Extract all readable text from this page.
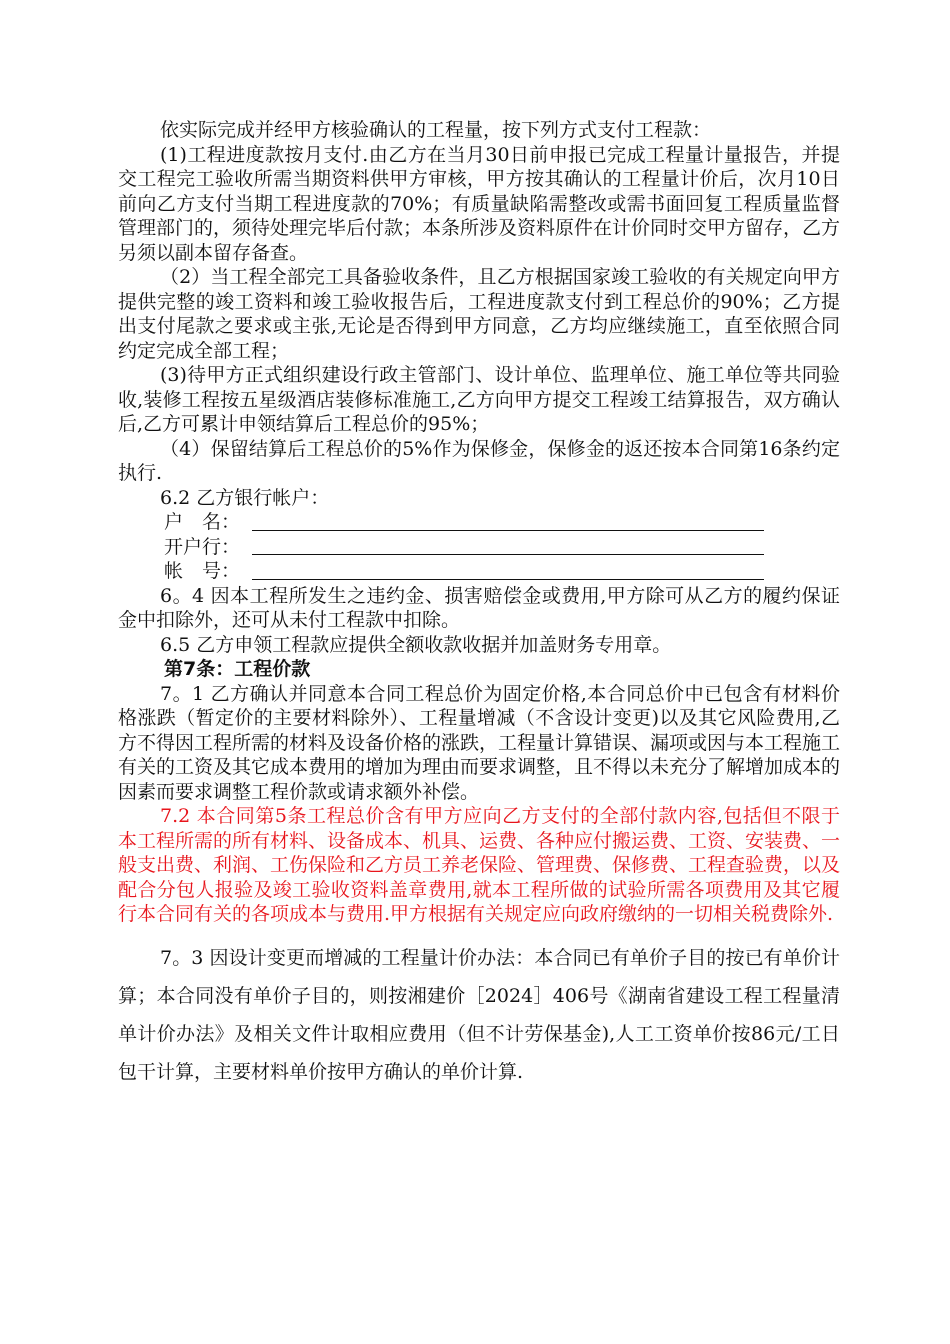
依实际完成并经甲方核验确认的工程量，按下列方式支付工程款：

(1)工程进度款按月支付.由乙方在当月30日前申报已完成工程量计量报告，并提交工程完工验收所需当期资料供甲方审核，甲方按其确认的工程量计价后，次月10日前向乙方支付当期工程进度款的70%；有质量缺陷需整改或需书面回复工程质量监督管理部门的，须待处理完毕后付款；本条所涉及资料原件在计价同时交甲方留存，乙方另须以副本留存备查。

（2）当工程全部完工具备验收条件，且乙方根据国家竣工验收的有关规定向甲方提供完整的竣工资料和竣工验收报告后，工程进度款支付到工程总价的90%；乙方提出支付尾款之要求或主张,无论是否得到甲方同意，乙方均应继续施工，直至依照合同约定完成全部工程；

(3)待甲方正式组织建设行政主管部门、设计单位、监理单位、施工单位等共同验收,装修工程按五星级酒店装修标准施工,乙方向甲方提交工程竣工结算报告，双方确认后,乙方可累计申领结算后工程总价的95%；

（4）保留结算后工程总价的5%作为保修金，保修金的返还按本合同第16条约定执行.

6.2 乙方银行帐户：

户　名：
开户行：
帐　号：

6。4 因本工程所发生之违约金、损害赔偿金或费用,甲方除可从乙方的履约保证金中扣除外，还可从未付工程款中扣除。

6.5 乙方申领工程款应提供全额收款收据并加盖财务专用章。

第7条：工程价款

7。1 乙方确认并同意本合同工程总价为固定价格,本合同总价中已包含有材料价格涨跌（暂定价的主要材料除外）、工程量增减（不含设计变更)以及其它风险费用,乙方不得因工程所需的材料及设备价格的涨跌，工程量计算错误、漏项或因与本工程施工有关的工资及其它成本费用的增加为理由而要求调整，且不得以未充分了解增加成本的因素而要求调整工程价款或请求额外补偿。

7.2 本合同第5条工程总价含有甲方应向乙方支付的全部付款内容,包括但不限于本工程所需的所有材料、设备成本、机具、运费、各种应付搬运费、工资、安装费、一般支出费、利润、工伤保险和乙方员工养老保险、管理费、保修费、工程查验费，以及配合分包人报验及竣工验收资料盖章费用,就本工程所做的试验所需各项费用及其它履行本合同有关的各项成本与费用.甲方根据有关规定应向政府缴纳的一切相关税费除外.

7。3 因设计变更而增减的工程量计价办法：本合同已有单价子目的按已有单价计算；本合同没有单价子目的，则按湘建价［2024］406号《湖南省建设工程工程量清单计价办法》及相关文件计取相应费用（但不计劳保基金),人工工资单价按86元/工日包干计算，主要材料单价按甲方确认的单价计算.
